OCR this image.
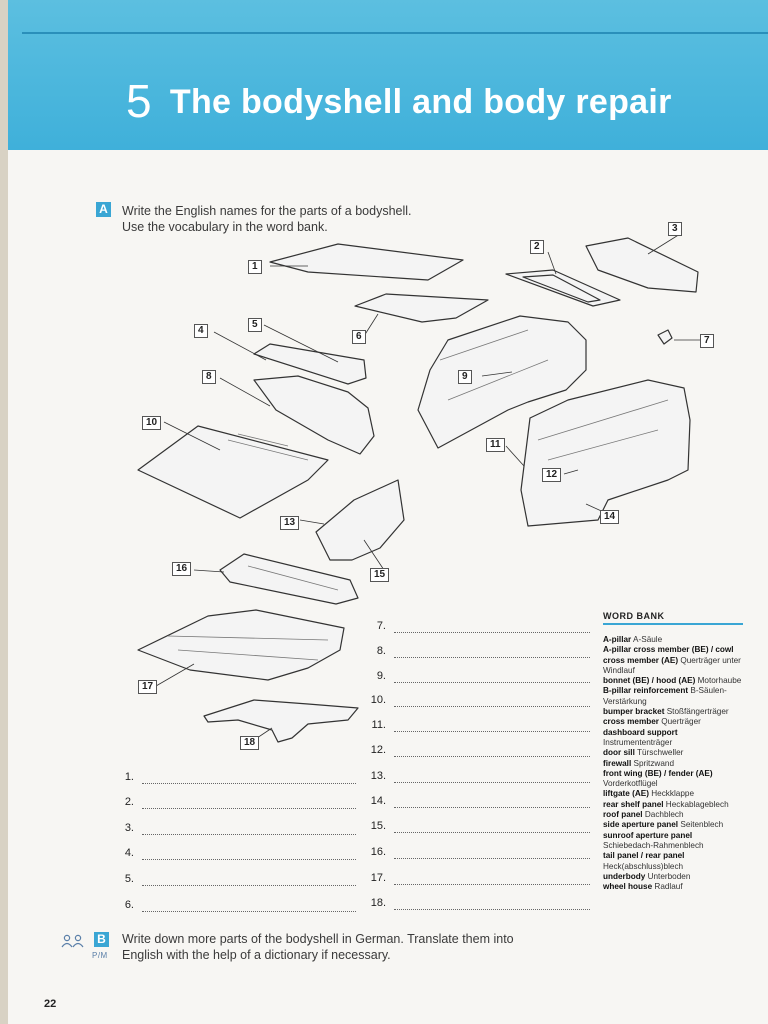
5 The bodyshell and body repair
A Write the English names for the parts of a bodyshell.
Use the vocabulary in the word bank.
1
2
3
4
5
6	7
8	9
10
11
12
13
14
15
16
17
18
1.
2.
3.
4.
5.
6.
7.
8.
9.
10.
11.
12.
13.
14.
15.
16.
17.
18.
WORD BANK
A-pillar A-Säule
A-pillar cross member (BE) / cowl cross member (AE) Querträger unter Windlauf
bonnet (BE) / hood (AE) Motorhaube
B-pillar reinforcement B-Säulen-Verstärkung
bumper bracket Stoßfängerträger
cross member Querträger
dashboard support Instrumententräger
door sill Türschweller
firewall Spritzwand
front wing (BE) / fender (AE) Vorderkotflügel
liftgate (AE) Heckklappe
rear shelf panel Heckablageblech
roof panel Dachblech
side aperture panel Seitenblech
sunroof aperture panel Schiebedach-Rahmenblech
tail panel / rear panel Heck(abschluss)blech
underbody Unterboden
wheel house Radlauf
B
P/M
Write down more parts of the bodyshell in German. Translate them into
English with the help of a dictionary if necessary.
22
